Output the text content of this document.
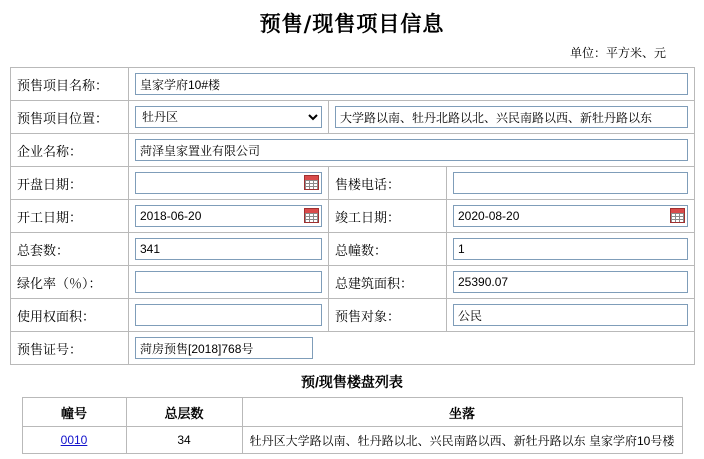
预售/现售项目信息
单位：平方米、元
预售项目名称：	
皇家学府10#楼
预售项目位置：	
牡丹区	
大学路以南、牡丹北路以北、兴民南路以西、新牡丹路以东
企业名称：	
菏泽皇家置业有限公司
开盘日期：		售楼电话：	

开工日期：	
2018-06-20	竣工日期：	
2020-08-20

总套数：	
341	总幢数：	
1
绿化率（％）：		总建筑面积：	
25390.07
使用权面积：		预售对象：	
公民
预售证号：	
菏房预售[2018]768号
预/现售楼盘列表
幢号	总层数	坐落
0010	34	牡丹区大学路以南、牡丹路以北、兴民南路以西、新牡丹路以东 皇家学府10号楼
